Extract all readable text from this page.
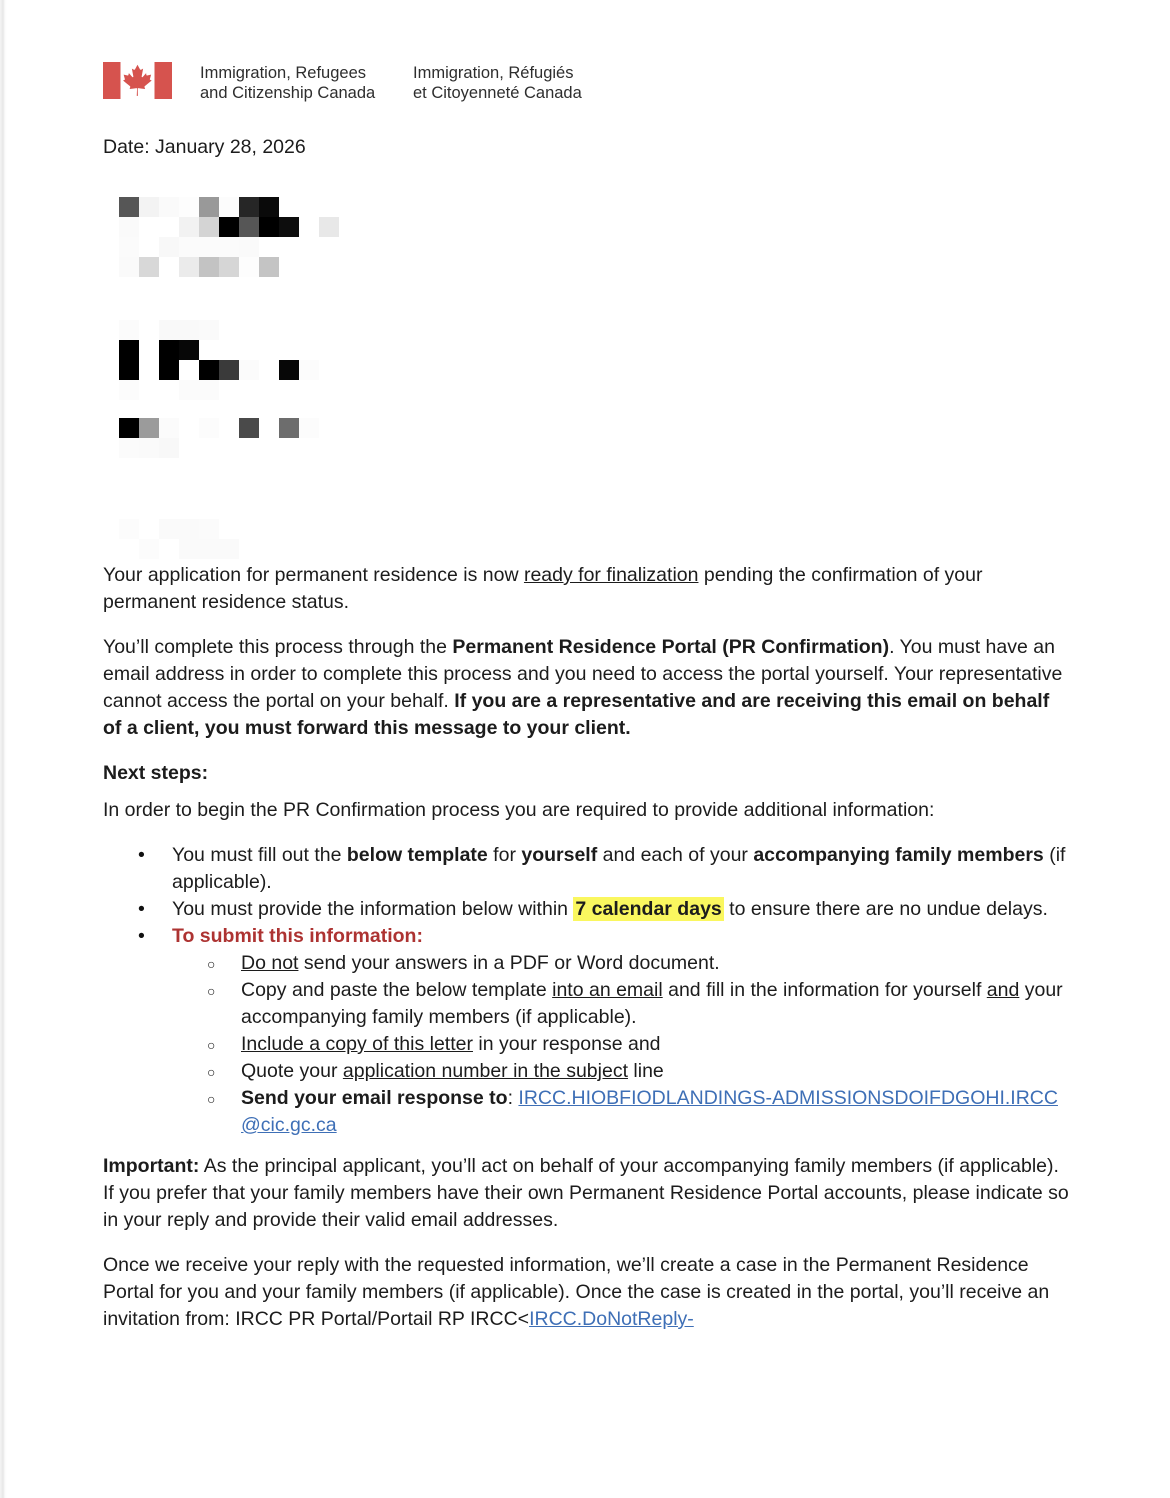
Immigration, Refugees
and Citizenship Canada
Immigration, Réfugiés
et Citoyenneté Canada
Date: January 28, 2026

Your application for permanent residence is now ready for finalization pending the confirmation of your permanent residence status.

You’ll complete this process through the Permanent Residence Portal (PR Confirmation). You must have an email address in order to complete this process and you need to access the portal yourself. Your representative cannot access the portal on your behalf. If you are a representative and are receiving this email on behalf of a client, you must forward this message to your client.

Next steps:

In order to begin the PR Confirmation process you are required to provide additional information:

• You must fill out the below template for yourself and each of your accompanying family members (if applicable).
• You must provide the information below within 7 calendar days to ensure there are no undue delays.
• To submit this information:
○ Do not send your answers in a PDF or Word document.
○ Copy and paste the below template into an email and fill in the information for yourself and your accompanying family members (if applicable).
○ Include a copy of this letter in your response and
○ Quote your application number in the subject line
○ Send your email response to: IRCC.HIOBFIODLANDINGS-ADMISSIONSDOIFDGOHI.IRCC@cic.gc.ca

Important: As the principal applicant, you’ll act on behalf of your accompanying family members (if applicable). If you prefer that your family members have their own Permanent Residence Portal accounts, please indicate so in your reply and provide their valid email addresses.

Once we receive your reply with the requested information, we’ll create a case in the Permanent Residence Portal for you and your family members (if applicable). Once the case is created in the portal, you’ll receive an invitation from: IRCC PR Portal/Portail RP IRCC<IRCC.DoNotReply-
